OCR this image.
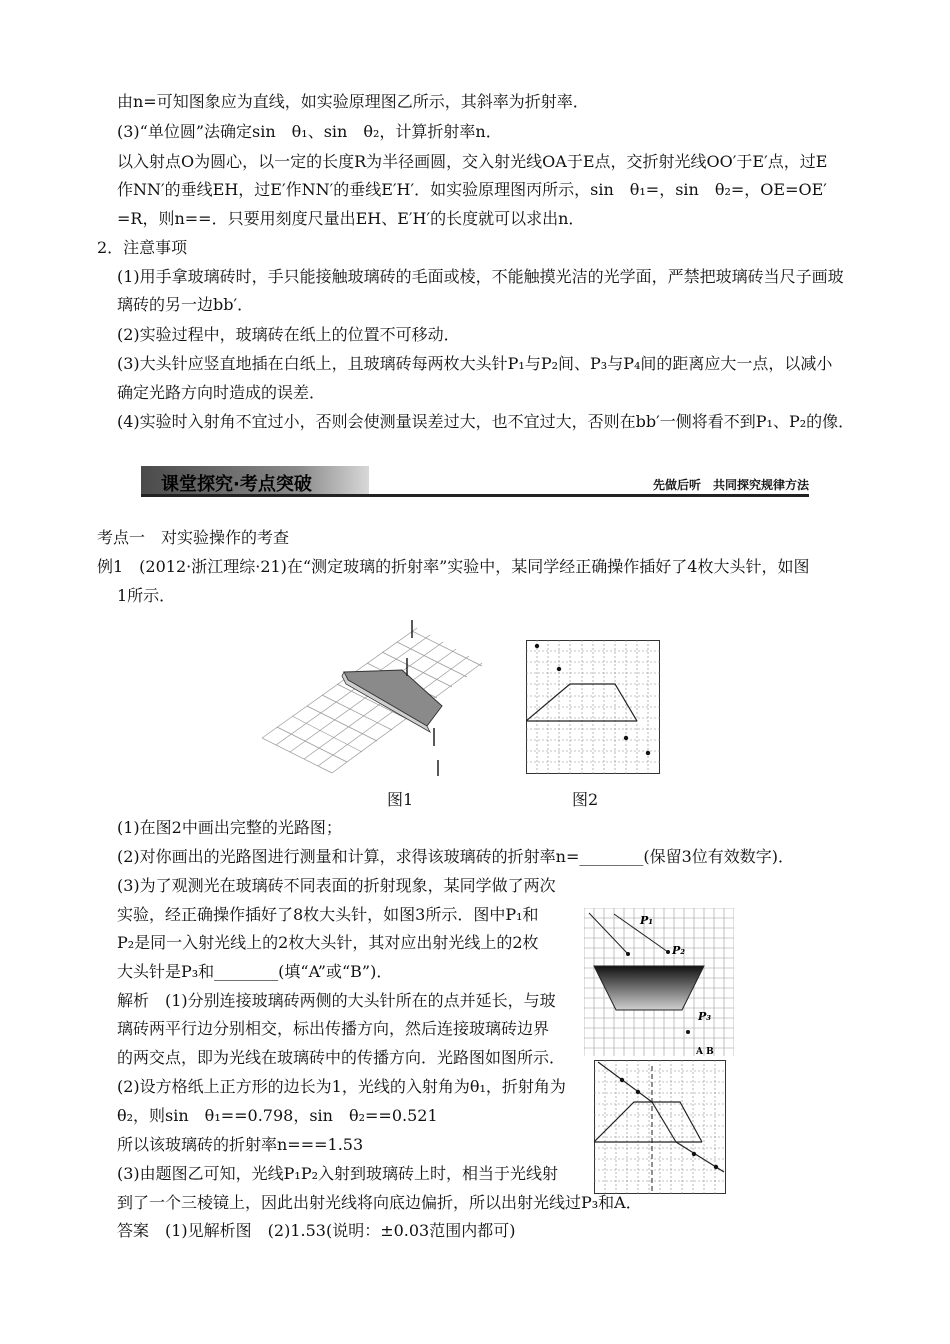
由n=可知图象应为直线，如实验原理图乙所示，其斜率为折射率．
(3)“单位圆”法确定sin　θ₁、sin　θ₂，计算折射率n．
以入射点O为圆心，以一定的长度R为半径画圆，交入射光线OA于E点，交折射光线OO′于E′点，过E
作NN′的垂线EH，过E′作NN′的垂线E′H′．如实验原理图丙所示，sin　θ₁=，sin　θ₂=，OE=OE′
=R，则n==．只要用刻度尺量出EH、E′H′的长度就可以求出n．
2．注意事项
(1)用手拿玻璃砖时，手只能接触玻璃砖的毛面或棱，不能触摸光洁的光学面，严禁把玻璃砖当尺子画玻
璃砖的另一边bb′．
(2)实验过程中，玻璃砖在纸上的位置不可移动．
(3)大头针应竖直地插在白纸上，且玻璃砖每两枚大头针P₁与P₂间、P₃与P₄间的距离应大一点，以减小
确定光路方向时造成的误差．
(4)实验时入射角不宜过小，否则会使测量误差过大，也不宜过大，否则在bb′一侧将看不到P₁、P₂的像．
课堂探究·考点突破	先做后听　共同探究规律方法
考点一　对实验操作的考查
例1　(2012·浙江理综·21)在“测定玻璃的折射率”实验中，某同学经正确操作插好了4枚大头针，如图
1所示．
图1	图2
(1)在图2中画出完整的光路图；
(2)对你画出的光路图进行测量和计算，求得该玻璃砖的折射率n=________(保留3位有效数字)．
(3)为了观测光在玻璃砖不同表面的折射现象，某同学做了两次
实验，经正确操作插好了8枚大头针，如图3所示．图中P₁和
P₂是同一入射光线上的2枚大头针，其对应出射光线上的2枚
大头针是P₃和________(填“A”或“B”)．
P₁
P₂
P₃
A B
解析　(1)分别连接玻璃砖两侧的大头针所在的点并延长，与玻
璃砖两平行边分别相交，标出传播方向，然后连接玻璃砖边界
的两交点，即为光线在玻璃砖中的传播方向．光路图如图所示．
(2)设方格纸上正方形的边长为1，光线的入射角为θ₁，折射角为
θ₂，则sin　θ₁==0.798，sin　θ₂==0.521
所以该玻璃砖的折射率n===1.53
(3)由题图乙可知，光线P₁P₂入射到玻璃砖上时，相当于光线射
到了一个三棱镜上，因此出射光线将向底边偏折，所以出射光线过P₃和A．
答案　(1)见解析图　(2)1.53(说明：±0.03范围内都可)
